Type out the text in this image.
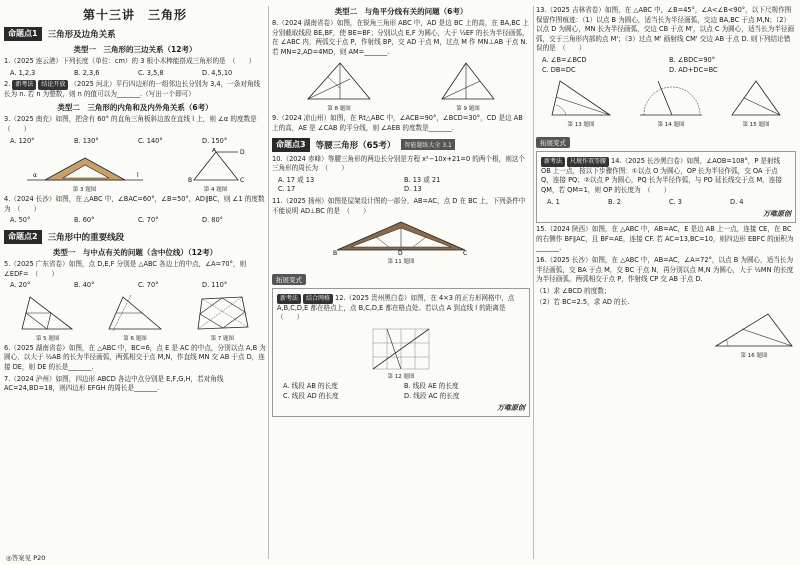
第十三讲　三角形
命题点1	三角形及边角关系
类型一　三角形的三边关系（12考）
1.（2025 连云港）下列长度（单位：cm）的 3 根小木棒能搭成三角形的是　（　　）
A. 1,2,3	B. 2,3,6	C. 3,5,8	D. 4,5,10
2. 新考法 结论开放 （2025 河北）平行四边形的一组邻边长分别为 3,4，一条对角线长为 n. 若 n 为整数，则 n 的值可以为_______.（写出一个即可）
类型二　三角形的内角和及内外角关系（6考）
3.（2025 南充）如图，把含有 60° 的直角三角板斜边放在直线 l 上，则 ∠α 的度数是　（　　）
A. 120°	B. 130°	C. 140°	D. 150°
α	l
第 3 题图
A
B	C
D
第 4 题图
4.（2024 长沙）如图，在 △ABC 中，∠BAC=60°，∠B=50°，AD∥BC，则 ∠1 的度数为　（　　）
A. 50°	B. 60°	C. 70°	D. 80°
命题点2	三角形中的重要线段
类型一　与中点有关的问题（含中位线）（12考）
5.（2025 广东省卷）如图，点 D,E,F 分别是 △ABC 各边上的中点，∠A=70°，则 ∠EDF=　（　　）
A. 20°	B. 40°	C. 70°	D. 110°
第 5 题图	第 6 题图	第 7 题图
6.（2025 湖南省卷）如图，在 △ABC 中，BC=6，点 E 是 AC 的中点，分别以点 A,B 为圆心，以大于 ½AB 的长为半径画弧，两弧相交于点 M,N，作直线 MN 交 AB 于点 D，连接 DE，则 DE 的长是_______.
7.（2024 泸州）如图，四边形 ABCD 各边中点分别是 E,F,G,H，若对角线 AC=24,BD=18，则四边形 EFGH 的周长是_______.
◎答案见 P20
类型二　与角平分线有关的问题（6考）
8.（2024 湖南省卷）如图，在锐角三角形 ABC 中，AD 是边 BC 上的高，在 BA,BC 上分别截取线段 BE,BF，使 BE=BF；分别以点 E,F 为圆心，大于 ½EF 的长为半径画弧，在 ∠ABC 内，两弧交于点 P，作射线 BP，交 AD 于点 M，过点 M 作 MN⊥AB 于点 N. 若 MN=2,AD=4MD，则 AM=_______.
第 8 题图	第 9 题图
9.（2024 凉山州）如图，在 Rt△ABC 中，∠ACB=90°，∠BCD=30°，CD 是边 AB 上的高，AE 是 ∠CAB 的平分线，则 ∠AEB 的度数是_______.
命题点3	等腰三角形（65考）	智能题练大全 3.1
10.（2024 赤峰）等腰三角形的两边长分别是方程 x²−10x+21=0 的两个根，则这个三角形的周长为　（　　）
A. 17 或 13	B. 13 或 21
C. 17	D. 13
11.（2025 扬州）如图是屋架设计图的一部分，AB=AC，点 D 在 BC 上，下列条件中不能说明 AD⊥BC 的是　（　　）
D
B	C
第 11 题图
拓展变式
新考法 结合网格 12.（2025 贵州黑白卷）如图，在 4×3 的正方形网格中，点 A,B,C,D,E 都在格点上，点 B,C,D,E 都在格点处。若以点 A 到直线 l 的距离是　（　　）
第 12 题图
A. 线段 AB 的长度	B. 线段 AE 的长度
C. 线段 AD 的长度	D. 线段 AC 的长度
万唯原创
13.（2025 吉林省卷）如图，在 △ABC 中，∠B=45°，∠A<∠B<90°，以下尺规作图保留作图痕迹：（1）以点 B 为圆心，适当长为半径画弧，交边 BA,BC 于点 M,N；（2）以点 D 为圆心，MN 长为半径画弧，交边 CB 于点 M'，以点 C 为圆心，适当长为半径画弧，交于三角形内部的点 M'；（3）过点 M' 画射线 CM' 交边 AB 于点 D. 则下列结论错误的是　（　　）
A. ∠B=∠BCD	B. ∠BDC=90°
C. DB=DC	D. AD+DC=BC
第 13 题图	第 14 题图	第 15 题图
拓展变式
新考法 尺规作双等腰 14.（2025 长沙黑白卷）如图，∠AOB=108°，P 是射线 OB 上一点，按以下步骤作图：①以点 O 为圆心，OP 长为半径作弧，交 OA 于点 Q，连接 PQ；②以点 P 为圆心，PQ 长为半径作弧，与 PO 延长线交于点 M，连接 QM，若 QM=1，则 OP 的长度为　（　　）
A. 1	B. 2	C. 3	D. 4
万唯原创
15.（2024 陕西）如图，在 △ABC 中，AB=AC，E 是边 AB 上一点，连接 CE，在 BC 的右侧作 BF∥AC，且 BF=AE，连接 CF. 若 AC=13,BC=10，则四边形 EBFC 的面积为_______.
16.（2025 长沙）如图，在 △ABC 中，AB=AC，∠A=72°，以点 B 为圆心，适当长为半径画弧，交 BA 于点 M，交 BC 于点 N，再分别以点 M,N 为圆心，大于 ½MN 的长度为半径画弧，两弧相交于点 P，作射线 CP 交 AB 于点 D.
（1）求 ∠BCD 的度数；
（2）若 BC=2.5，求 AD 的长.
第 16 题图
